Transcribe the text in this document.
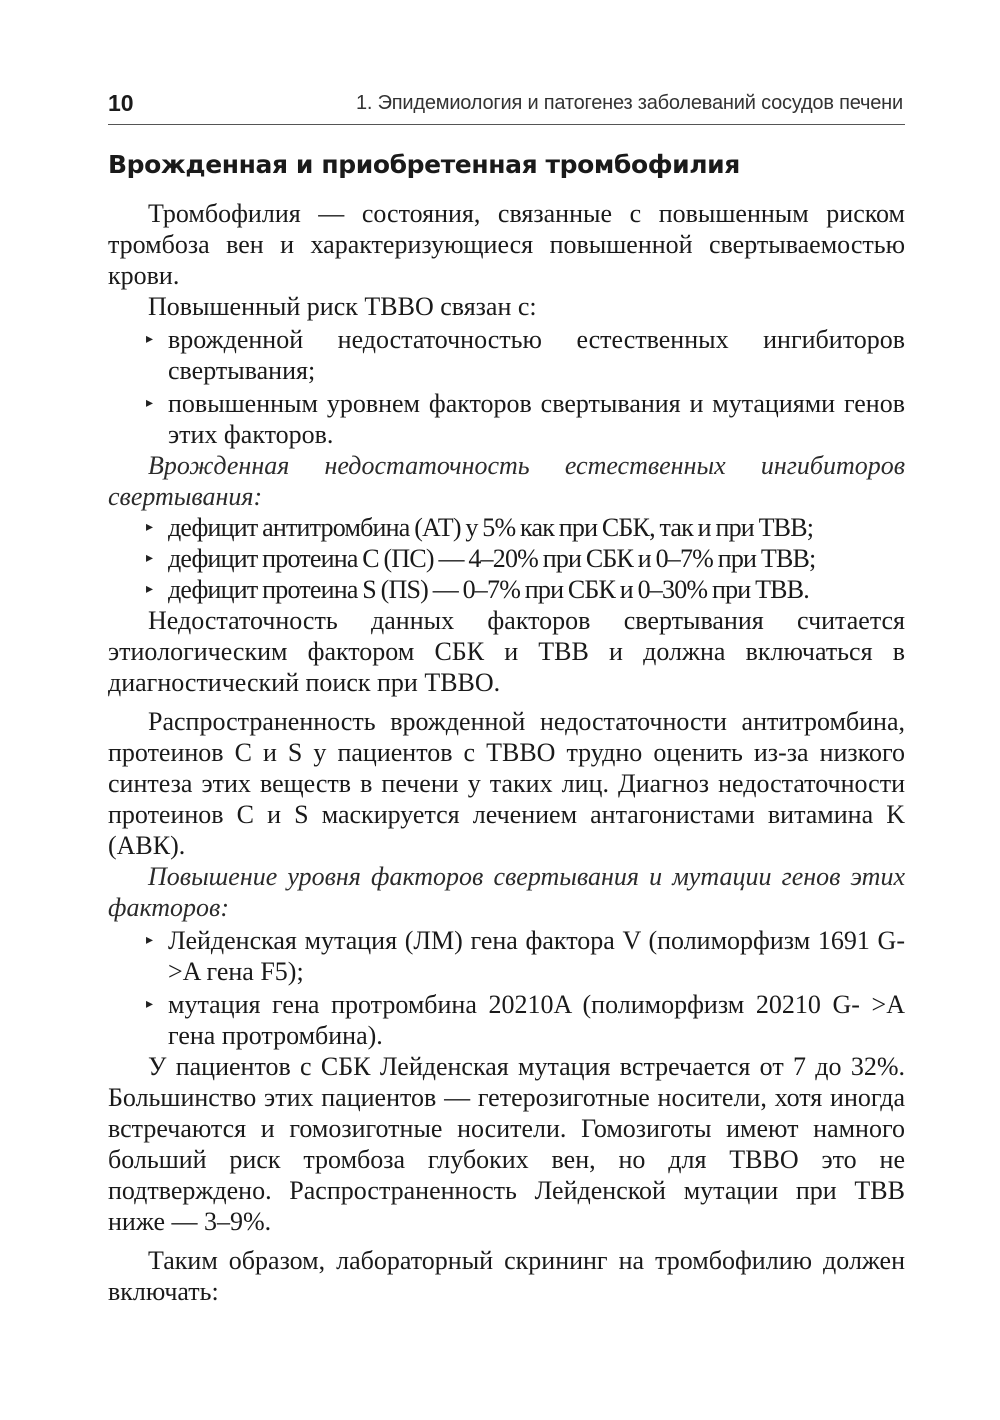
10	1. Эпидемиология и патогенез заболеваний сосудов печени
Врожденная и приобретенная тромбофилия

Тромбофилия — состояния, связанные с повышенным риском тромбоза вен и характеризующиеся повышенной свертываемостью крови.

Повышенный риск ТВВО связан с:

▸ врожденной недостаточностью естественных ингибиторов свертывания;
▸ повышенным уровнем факторов свертывания и мутациями генов этих факторов.

Врожденная недостаточность естественных ингибиторов свертывания:

▸ дефицит антитромбина (АТ) у 5% как при СБК, так и при ТВВ;
▸ дефицит протеина C (ПС) — 4–20% при СБК и 0–7% при ТВВ;
▸ дефицит протеина S (ПS) — 0–7% при СБК и 0–30% при ТВВ.

Недостаточность данных факторов свертывания считается этиологическим фактором СБК и ТВВ и должна включаться в диагностический поиск при ТВВО.

Распространенность врожденной недостаточности антитромбина, протеинов C и S у пациентов с ТВВО трудно оценить из-за низкого синтеза этих веществ в печени у таких лиц. Диагноз недостаточности протеинов C и S маскируется лечением антагонистами витамина K (АВК).

Повышение уровня факторов свертывания и мутации генов этих факторов:

▸ Лейденская мутация (ЛМ) гена фактора V (полиморфизм 1691 G- >A гена F5);
▸ мутация гена протромбина 20210A (полиморфизм 20210 G- >A гена протромбина).

У пациентов с СБК Лейденская мутация встречается от 7 до 32%. Большинство этих пациентов — гетерозиготные носители, хотя иногда встречаются и гомозиготные носители. Гомозиготы имеют намного больший риск тромбоза глубоких вен, но для ТВВО это не подтверждено. Распространенность Лейденской мутации при ТВВ ниже — 3–9%.

Таким образом, лабораторный скрининг на тромбофилию должен включать:
